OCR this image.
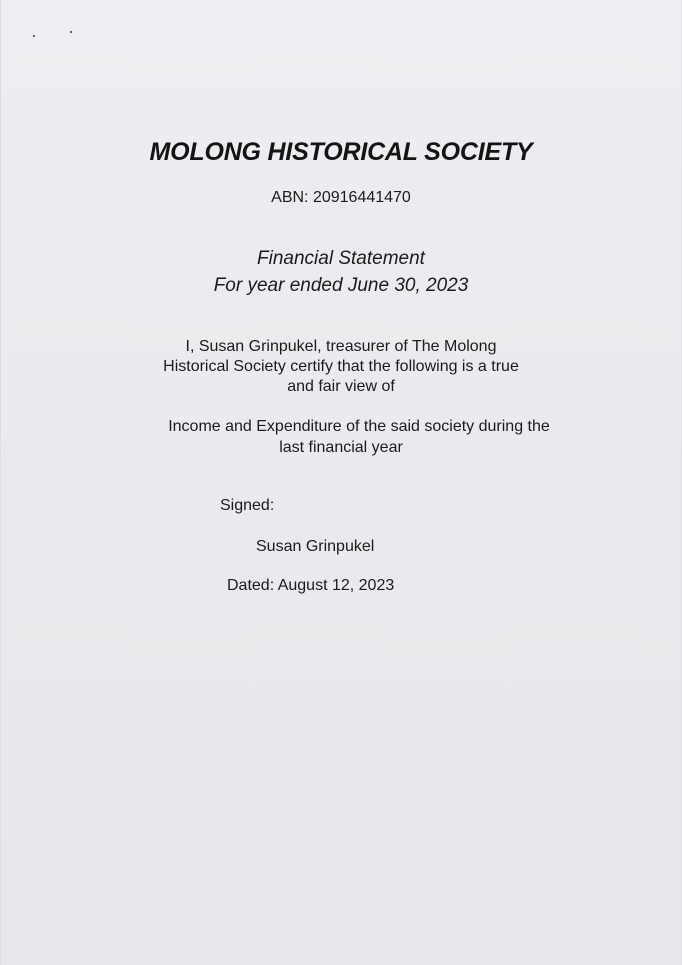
MOLONG HISTORICAL SOCIETY
ABN: 20916441470
Financial Statement
For year ended June 30, 2023
I, Susan Grinpukel, treasurer of The Molong
Historical Society certify that the following is a true
and fair view of
Income and Expenditure of the said society during the
last financial year
Signed:
Susan Grinpukel
Dated: August 12, 2023
